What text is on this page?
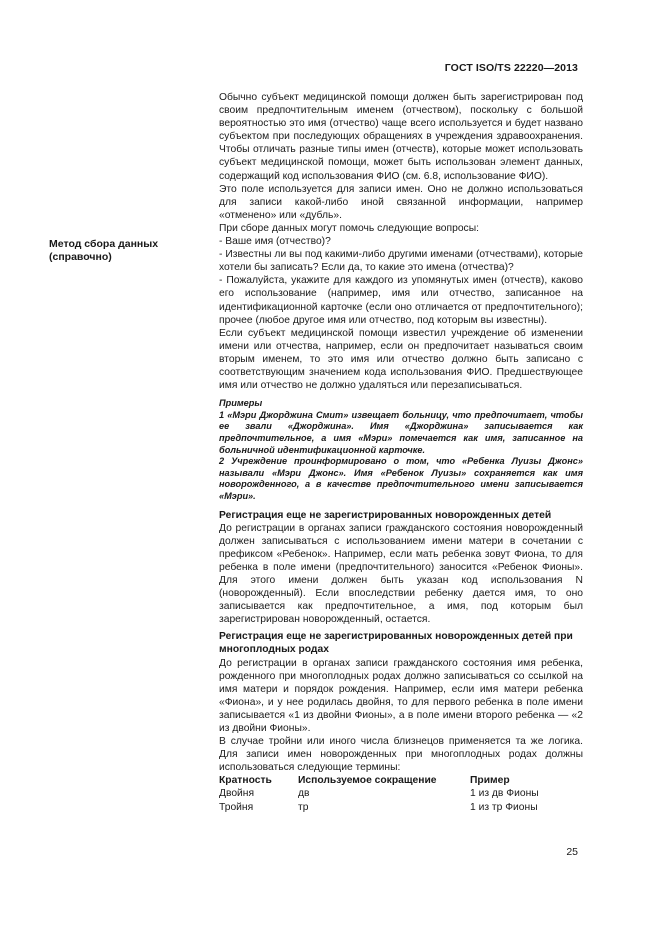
ГОСТ ISO/TS 22220—2013
Метод сбора данных
(справочно)

Обычно субъект медицинской помощи должен быть зарегистрирован под своим предпочтительным именем (отчеством), поскольку с большой вероятностью это имя (отчество) чаще всего используется и будет названо субъектом при последующих обращениях в учреждения здравоохранения. Чтобы отличать разные типы имен (отчеств), которые может использовать субъект медицинской помощи, может быть использован элемент данных, содержащий код использования ФИО (см. 6.8, использование ФИО).

Это поле используется для записи имен. Оно не должно использоваться для записи какой-либо иной связанной информации, например «отменено» или «дубль».

При сборе данных могут помочь следующие вопросы:

- Ваше имя (отчество)?

- Известны ли вы под какими-либо другими именами (отчествами), которые хотели бы записать? Если да, то какие это имена (отчества)?

- Пожалуйста, укажите для каждого из упомянутых имен (отчеств), каково его использование (например, имя или отчество, записанное на идентификационной карточке (если оно отличается от предпочтительного); прочее (любое другое имя или отчество, под которым вы известны).

Если субъект медицинской помощи известил учреждение об изменении имени или отчества, например, если он предпочитает называться своим вторым именем, то это имя или отчество должно быть записано с соответствующим значением кода использования ФИО. Предшествующее имя или отчество не должно удаляться или перезаписываться.

Примеры

1 «Мэри Джорджина Смит» извещает больницу, что предпочитает, чтобы ее звали «Джорджина». Имя «Джорджина» записывается как предпочтительное, а имя «Мэри» помечается как имя, записанное на больничной идентификационной карточке.

2 Учреждение проинформировано о том, что «Ребенка Луизы Джонс» называли «Мэри Джонс». Имя «Ребенок Луизы» сохраняется как имя новорожденного, а в качестве предпочтительного имени записывается «Мэри».

Регистрация еще не зарегистрированных новорожденных детей

До регистрации в органах записи гражданского состояния новорожденный должен записываться с использованием имени матери в сочетании с префиксом «Ребенок». Например, если мать ребенка зовут Фиона, то для ребенка в поле имени (предпочтительного) заносится «Ребенок Фионы». Для этого имени должен быть указан код использования N (новорожденный). Если впоследствии ребенку дается имя, то оно записывается как предпочтительное, а имя, под которым был зарегистрирован новорожденный, остается.

Регистрация еще не зарегистрированных новорожденных детей при многоплодных родах

До регистрации в органах записи гражданского состояния имя ребенка, рожденного при многоплодных родах должно записываться со ссылкой на имя матери и порядок рождения. Например, если имя матери ребенка «Фиона», и у нее родилась двойня, то для первого ребенка в поле имени записывается «1 из двойни Фионы», а в поле имени второго ребенка — «2 из двойни Фионы».

В случае тройни или иного числа близнецов применяется та же логика. Для записи имен новорожденных при многоплодных родах должны использоваться следующие термины:

Кратность	Используемое сокращение	Пример
Двойня	дв	1 из дв Фионы
Тройня	тр	1 из тр Фионы
25
